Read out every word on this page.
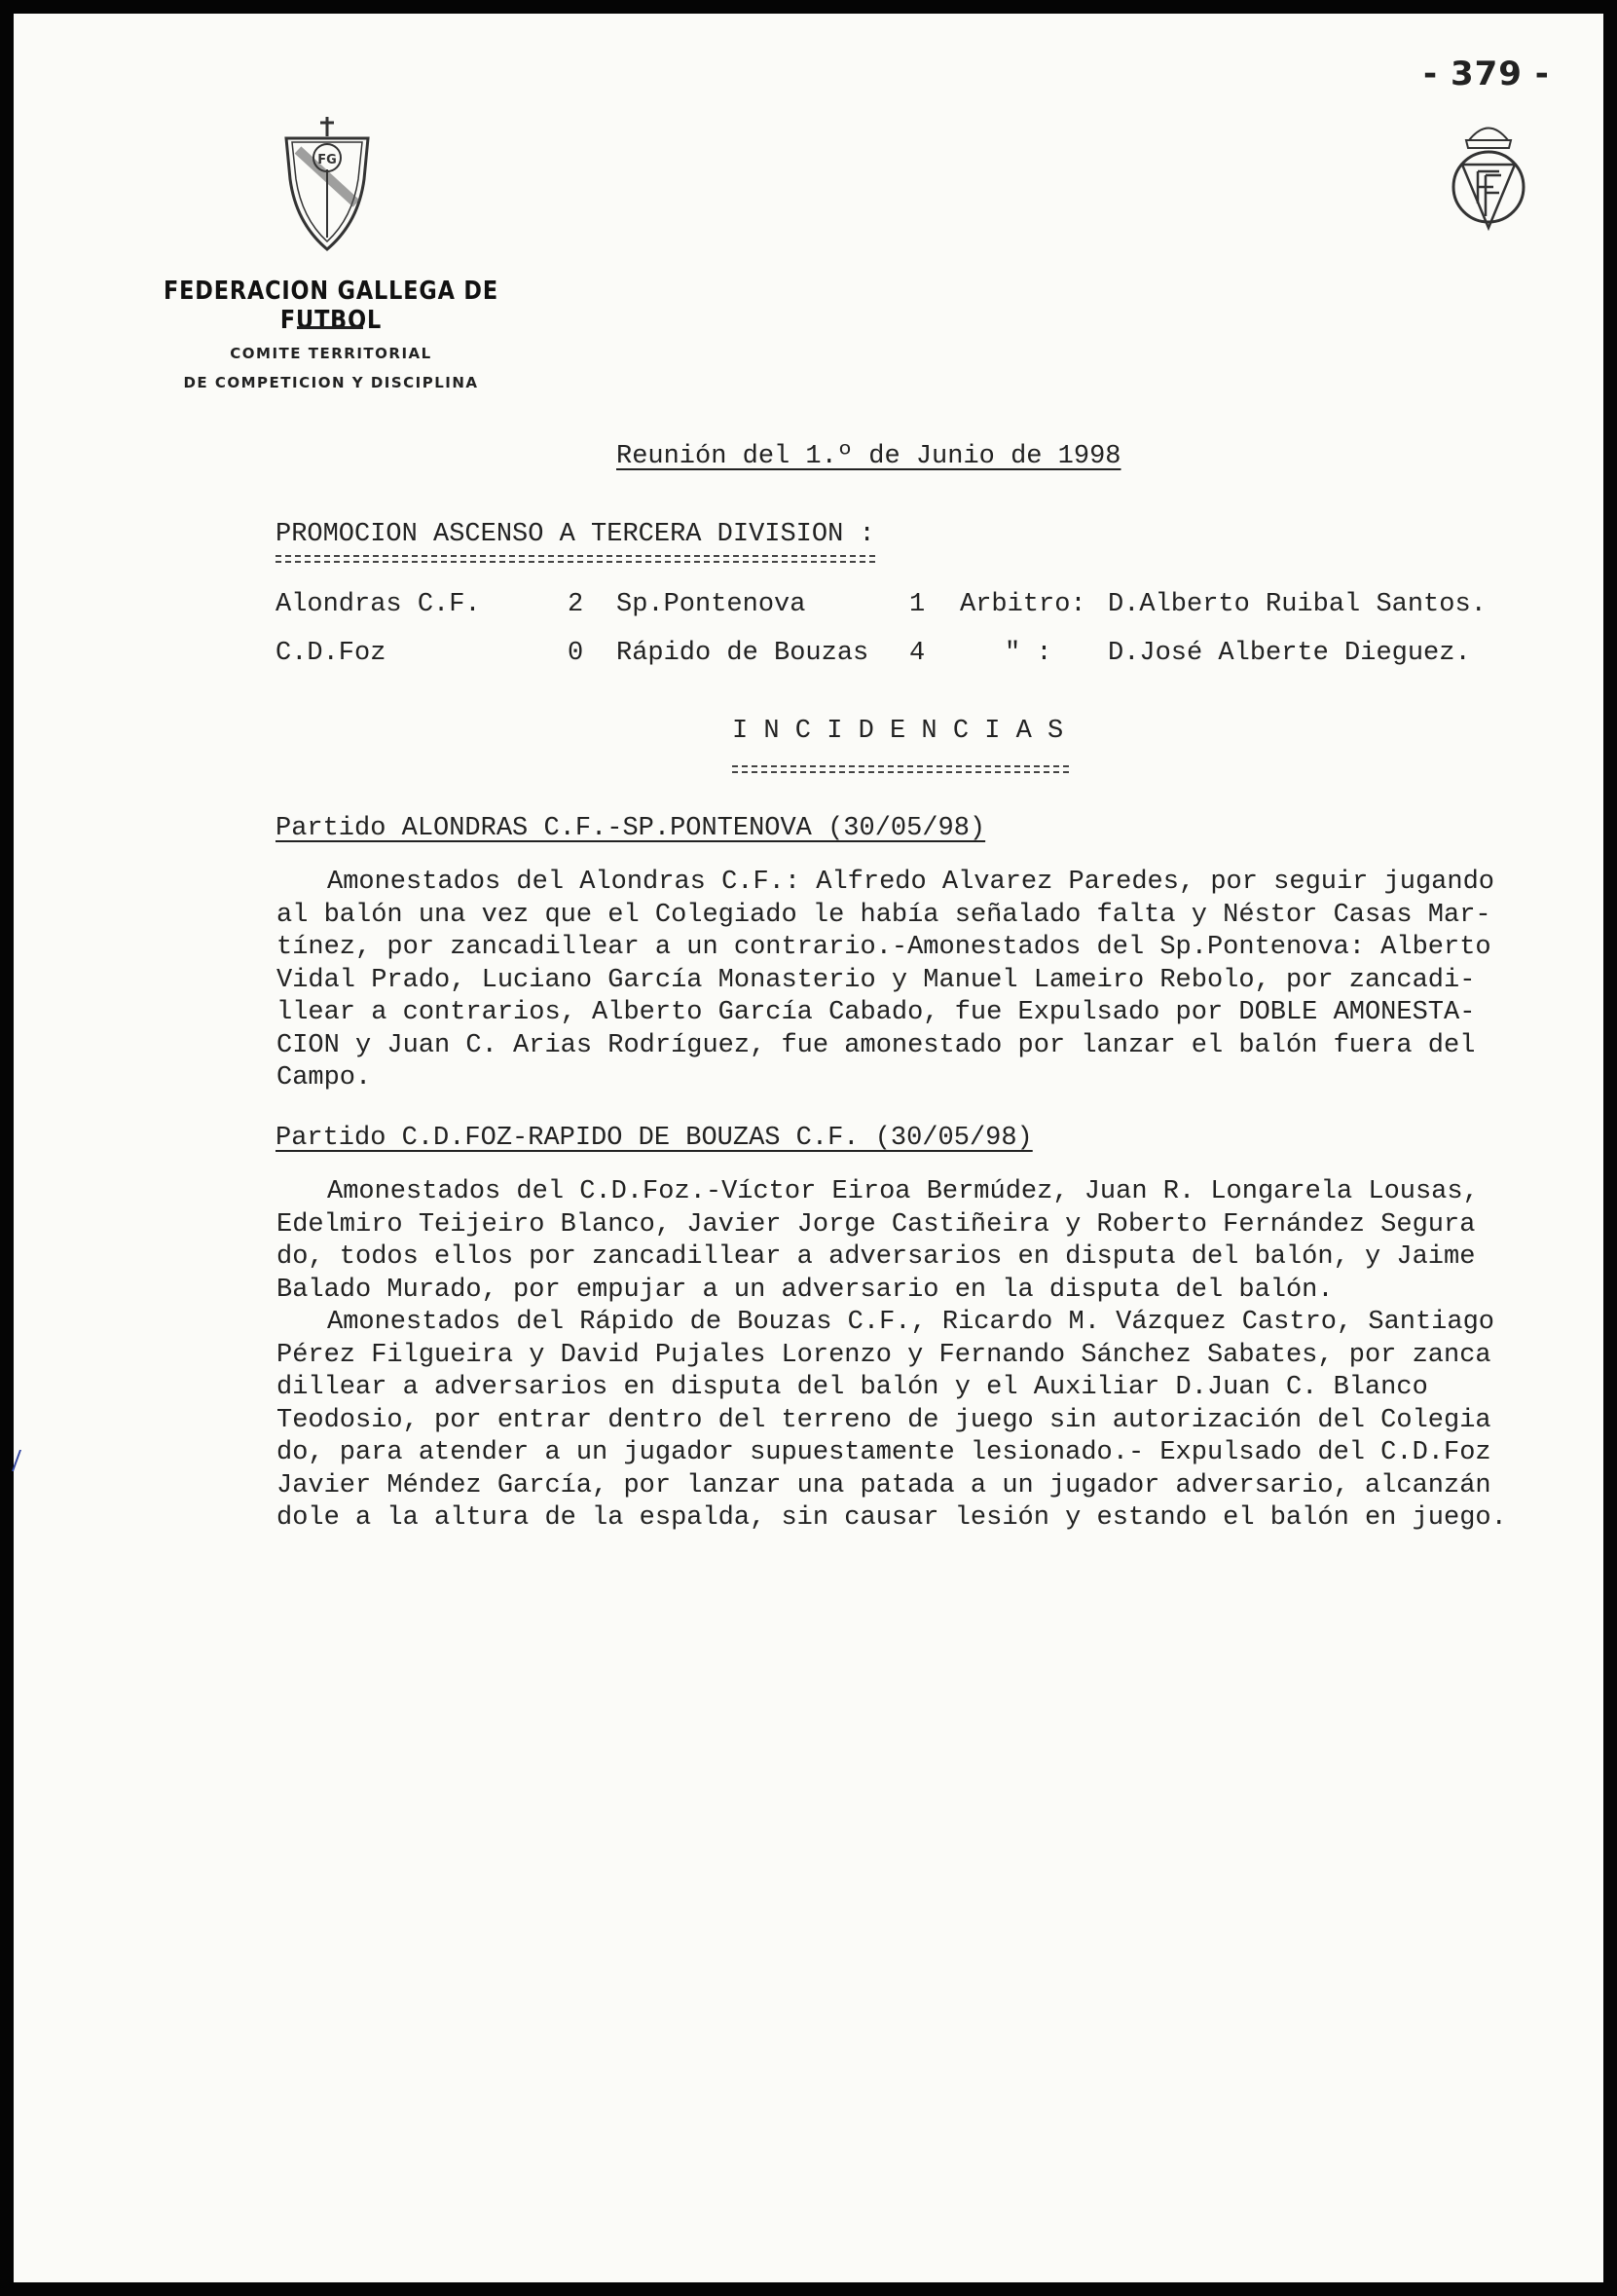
- 379 -
FG
FEDERACION GALLEGA DE FUTBOL
COMITE TERRITORIAL
DE COMPETICION Y DISCIPLINA
Reunión del 1.º de Junio de 1998
PROMOCION ASCENSO A TERCERA DIVISION :
Alondras C.F.	2 Sp.Pontenova	1 Arbitro: D.Alberto Ruibal Santos.
C.D.Foz	0 Rápido de Bouzas 4	" : D.José Alberte Dieguez.
I N C I D E N C I A S
Partido ALONDRAS C.F.-SP.PONTENOVA (30/05/98)
Amonestados del Alondras C.F.: Alfredo Alvarez Paredes, por seguir jugando
al balón una vez que el Colegiado le había señalado falta y Néstor Casas Mar-
tínez, por zancadillear a un contrario.-Amonestados del Sp.Pontenova: Alberto
Vidal Prado, Luciano García Monasterio y Manuel Lameiro Rebolo, por zancadi-
llear a contrarios, Alberto García Cabado, fue Expulsado por DOBLE AMONESTA-
CION y Juan C. Arias Rodríguez, fue amonestado por lanzar el balón fuera del
Campo.
Partido C.D.FOZ-RAPIDO DE BOUZAS C.F. (30/05/98)
Amonestados del C.D.Foz.-Víctor Eiroa Bermúdez, Juan R. Longarela Lousas,
Edelmiro Teijeiro Blanco, Javier Jorge Castiñeira y Roberto Fernández Segura
do, todos ellos por zancadillear a adversarios en disputa del balón, y Jaime
Balado Murado, por empujar a un adversario en la disputa del balón.
Amonestados del Rápido de Bouzas C.F., Ricardo M. Vázquez Castro, Santiago
Pérez Filgueira y David Pujales Lorenzo y Fernando Sánchez Sabates, por zanca
dillear a adversarios en disputa del balón y el Auxiliar D.Juan C. Blanco
Teodosio, por entrar dentro del terreno de juego sin autorización del Colegia
do, para atender a un jugador supuestamente lesionado.- Expulsado del C.D.Foz
Javier Méndez García, por lanzar una patada a un jugador adversario, alcanzán
dole a la altura de la espalda, sin causar lesión y estando el balón en juego.
